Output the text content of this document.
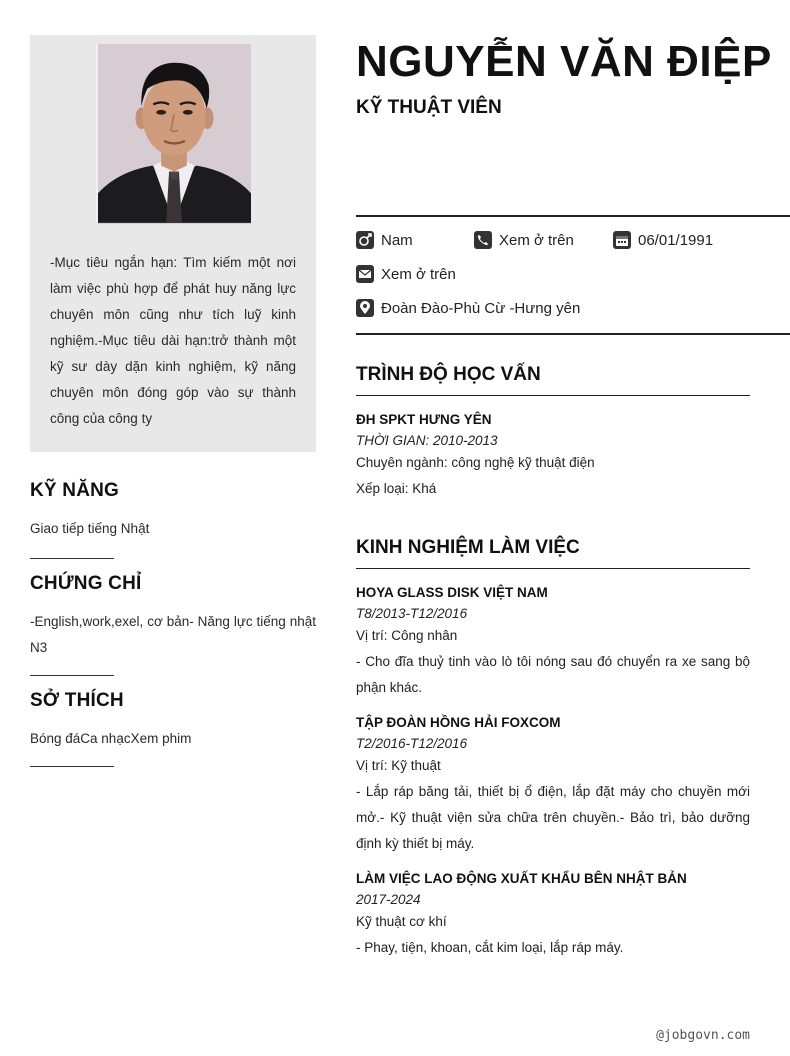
-Mục tiêu ngắn hạn: Tìm kiếm một nơi làm việc phù hợp để phát huy năng lực chuyên môn cũng như tích luỹ kinh nghiệm.-Mục tiêu dài hạn:trở thành một kỹ sư dày dặn kinh nghiệm, kỹ năng chuyên môn đóng góp vào sự thành công của công ty

KỸ NĂNG

Giao tiếp tiếng Nhật

CHỨNG CHỈ

-English,work,exel, cơ bản- Năng lực tiếng nhật N3

SỞ THÍCH

Bóng đáCa nhạcXem phim

NGUYỄN VĂN ĐIỆP
KỸ THUẬT VIÊN
Nam	Xem ở trên	06/01/1991
Xem ở trên
Đoàn Đào-Phù Cừ -Hưng yên
TRÌNH ĐỘ HỌC VẤN
ĐH SPKT HƯNG YÊN
THỜI GIAN: 2010-2013
Chuyên ngành: công nghệ kỹ thuật điện
Xếp loại: Khá
KINH NGHIỆM LÀM VIỆC
HOYA GLASS DISK VIỆT NAM
T8/2013-T12/2016
Vị trí: Công nhân
- Cho đĩa thuỷ tinh vào lò tôi nóng sau đó chuyển ra xe sang bộ phận khác.
TẬP ĐOÀN HỒNG HẢI FOXCOM
T2/2016-T12/2016
Vị trí: Kỹ thuật
- Lắp ráp băng tải, thiết bị ổ điện, lắp đặt máy cho chuyền mới mở.- Kỹ thuật viện sửa chữa trên chuyền.- Bảo trì, bảo dưỡng định kỳ thiết bị máy.
LÀM VIỆC LAO ĐỘNG XUẤT KHẨU BÊN NHẬT BẢN
2017-2024
Kỹ thuật cơ khí
- Phay, tiện, khoan, cắt kim loại, lắp ráp máy.
@jobgovn.com
